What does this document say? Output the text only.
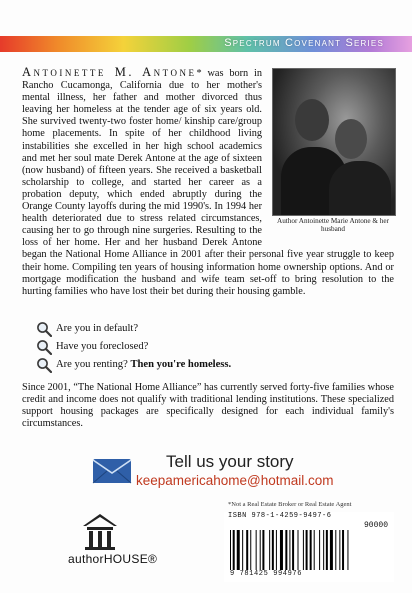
Spectrum Covenant Series
Author Antoinette Marie Antone & her husband
Antoinette M. Antone* was born in Rancho Cucamonga, California due to her mother's mental illness, her father and mother divorced thus leaving her homeless at the tender age of six years old. She survived twenty-two foster home/ kinship care/group home placements. In spite of her childhood living instabilities she excelled in her high school academics and met her soul mate Derek Antone at the age of sixteen (now husband) of fifteen years. She received a basketball scholarship to college, and started her career as a probation deputy, which ended abruptly during the Orange County layoffs during the mid 1990's. In 1994 her health deteriorated due to stress related circumstances, causing her to go through nine surgeries. Resulting to the loss of her home. Her and her husband Derek Antone began the National Home Alliance in 2001 after their personal five year struggle to keep their home. Compiling ten years of housing information home ownership options. And or mortgage modification the husband and wife team set-off to bring resolution to the hurting families who have lost their bet during their housing gamble.
Are you in default?
Have you foreclosed?
Are you renting? Then you're homeless.
Since 2001, “The National Home Alliance” has currently served forty-five families whose credit and income does not qualify with traditional lending institutions. These specialized support housing packages are specifically designed for each individual family's circumstances.
Tell us your story
keepamericahome@hotmail.com
*Not a Real Estate Broker or Real Estate Agent
ISBN 978-1-4259-9497-6
90000
9 781425 994976
authorHOUSE®
